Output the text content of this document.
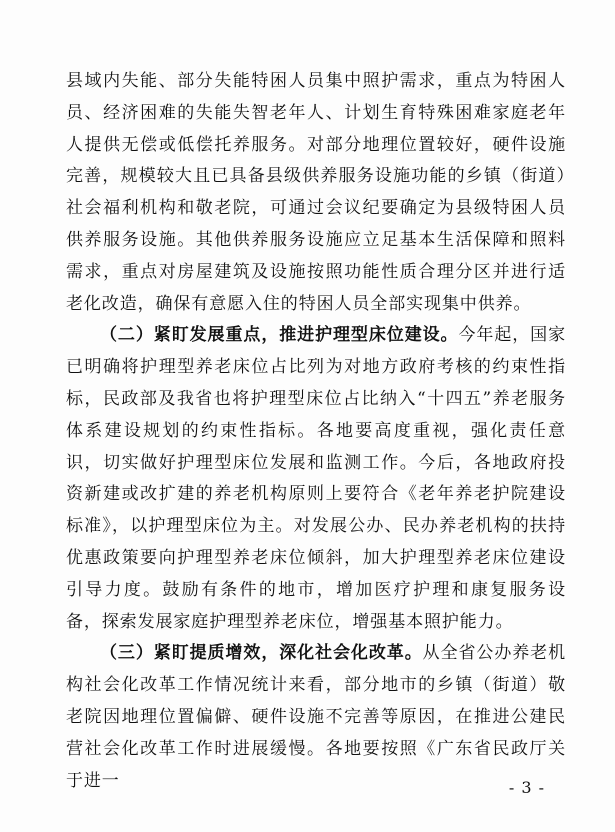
县域内失能、部分失能特困人员集中照护需求，重点为特困人员、经济困难的失能失智老年人、计划生育特殊困难家庭老年人提供无偿或低偿托养服务。对部分地理位置较好，硬件设施完善，规模较大且已具备县级供养服务设施功能的乡镇（街道）社会福利机构和敬老院，可通过会议纪要确定为县级特困人员供养服务设施。其他供养服务设施应立足基本生活保障和照料需求，重点对房屋建筑及设施按照功能性质合理分区并进行适老化改造，确保有意愿入住的特困人员全部实现集中供养。

（二）紧盯发展重点，推进护理型床位建设。今年起，国家已明确将护理型养老床位占比列为对地方政府考核的约束性指标，民政部及我省也将护理型床位占比纳入“十四五”养老服务体系建设规划的约束性指标。各地要高度重视，强化责任意识，切实做好护理型床位发展和监测工作。今后，各地政府投资新建或改扩建的养老机构原则上要符合《老年养老护院建设标准》，以护理型床位为主。对发展公办、民办养老机构的扶持优惠政策要向护理型养老床位倾斜，加大护理型养老床位建设引导力度。鼓励有条件的地市，增加医疗护理和康复服务设备，探索发展家庭护理型养老床位，增强基本照护能力。

（三）紧盯提质增效，深化社会化改革。从全省公办养老机构社会化改革工作情况统计来看，部分地市的乡镇（街道）敬老院因地理位置偏僻、硬件设施不完善等原因，在推进公建民营社会化改革工作时进展缓慢。各地要按照《广东省民政厅关于进一	- 3 -
